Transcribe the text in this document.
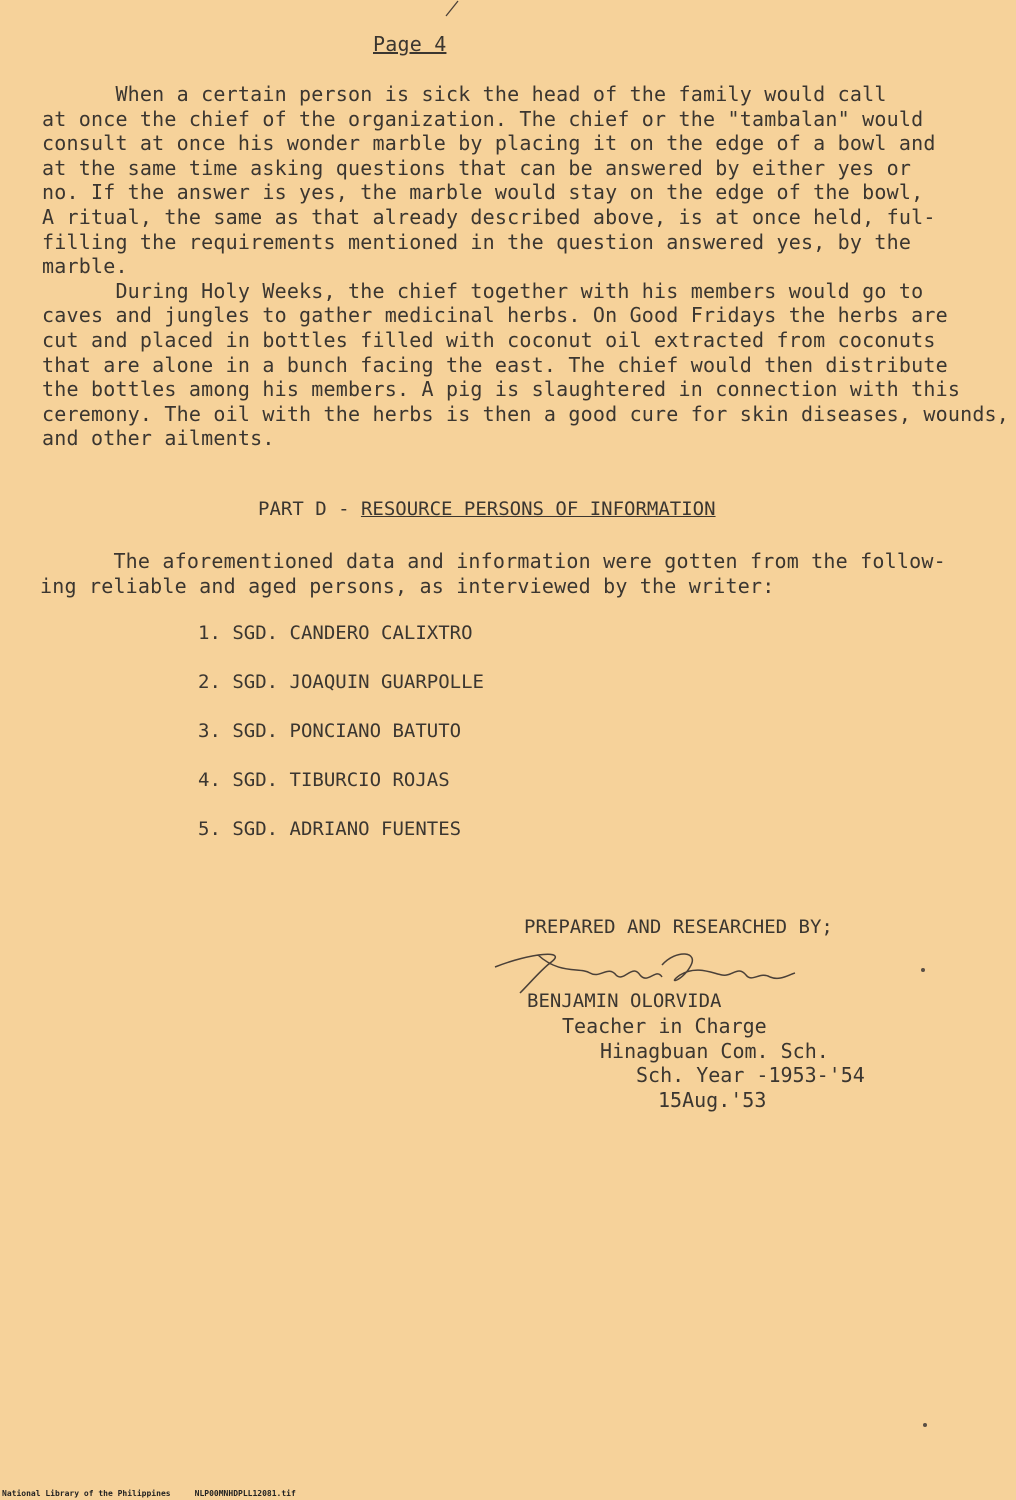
Page 4
When a certain person is sick the head of the family would call
at once the chief of the organization. The chief or the "tambalan" would
consult at once his wonder marble by placing it on the edge of a bowl and
at the same time asking questions that can be answered by either yes or
no. If the answer is yes, the marble would stay on the edge of the bowl,
A ritual, the same as that already described above, is at once held, ful-
filling the requirements mentioned in the question answered yes, by the
marble.
During Holy Weeks, the chief together with his members would go to
caves and jungles to gather medicinal herbs. On Good Fridays the herbs are
cut and placed in bottles filled with coconut oil extracted from coconuts
that are alone in a bunch facing the east. The chief would then distribute
the bottles among his members. A pig is slaughtered in connection with this
ceremony. The oil with the herbs is then a good cure for skin diseases, wounds,
and other ailments.
PART D - RESOURCE PERSONS OF INFORMATION
The aforementioned data and information were gotten from the follow-
ing reliable and aged persons, as interviewed by the writer:
1. SGD. CANDERO CALIXTRO
2. SGD. JOAQUIN GUARPOLLE
3. SGD. PONCIANO BATUTO
4. SGD. TIBURCIO ROJAS
5. SGD. ADRIANO FUENTES
PREPARED AND RESEARCHED BY;
BENJAMIN OLORVIDA
Teacher in Charge
Hinagbuan Com. Sch.
Sch. Year -1953-'54
15Aug.'53
National Library of the Philippines     NLP00MNHDPLL12081.tif
